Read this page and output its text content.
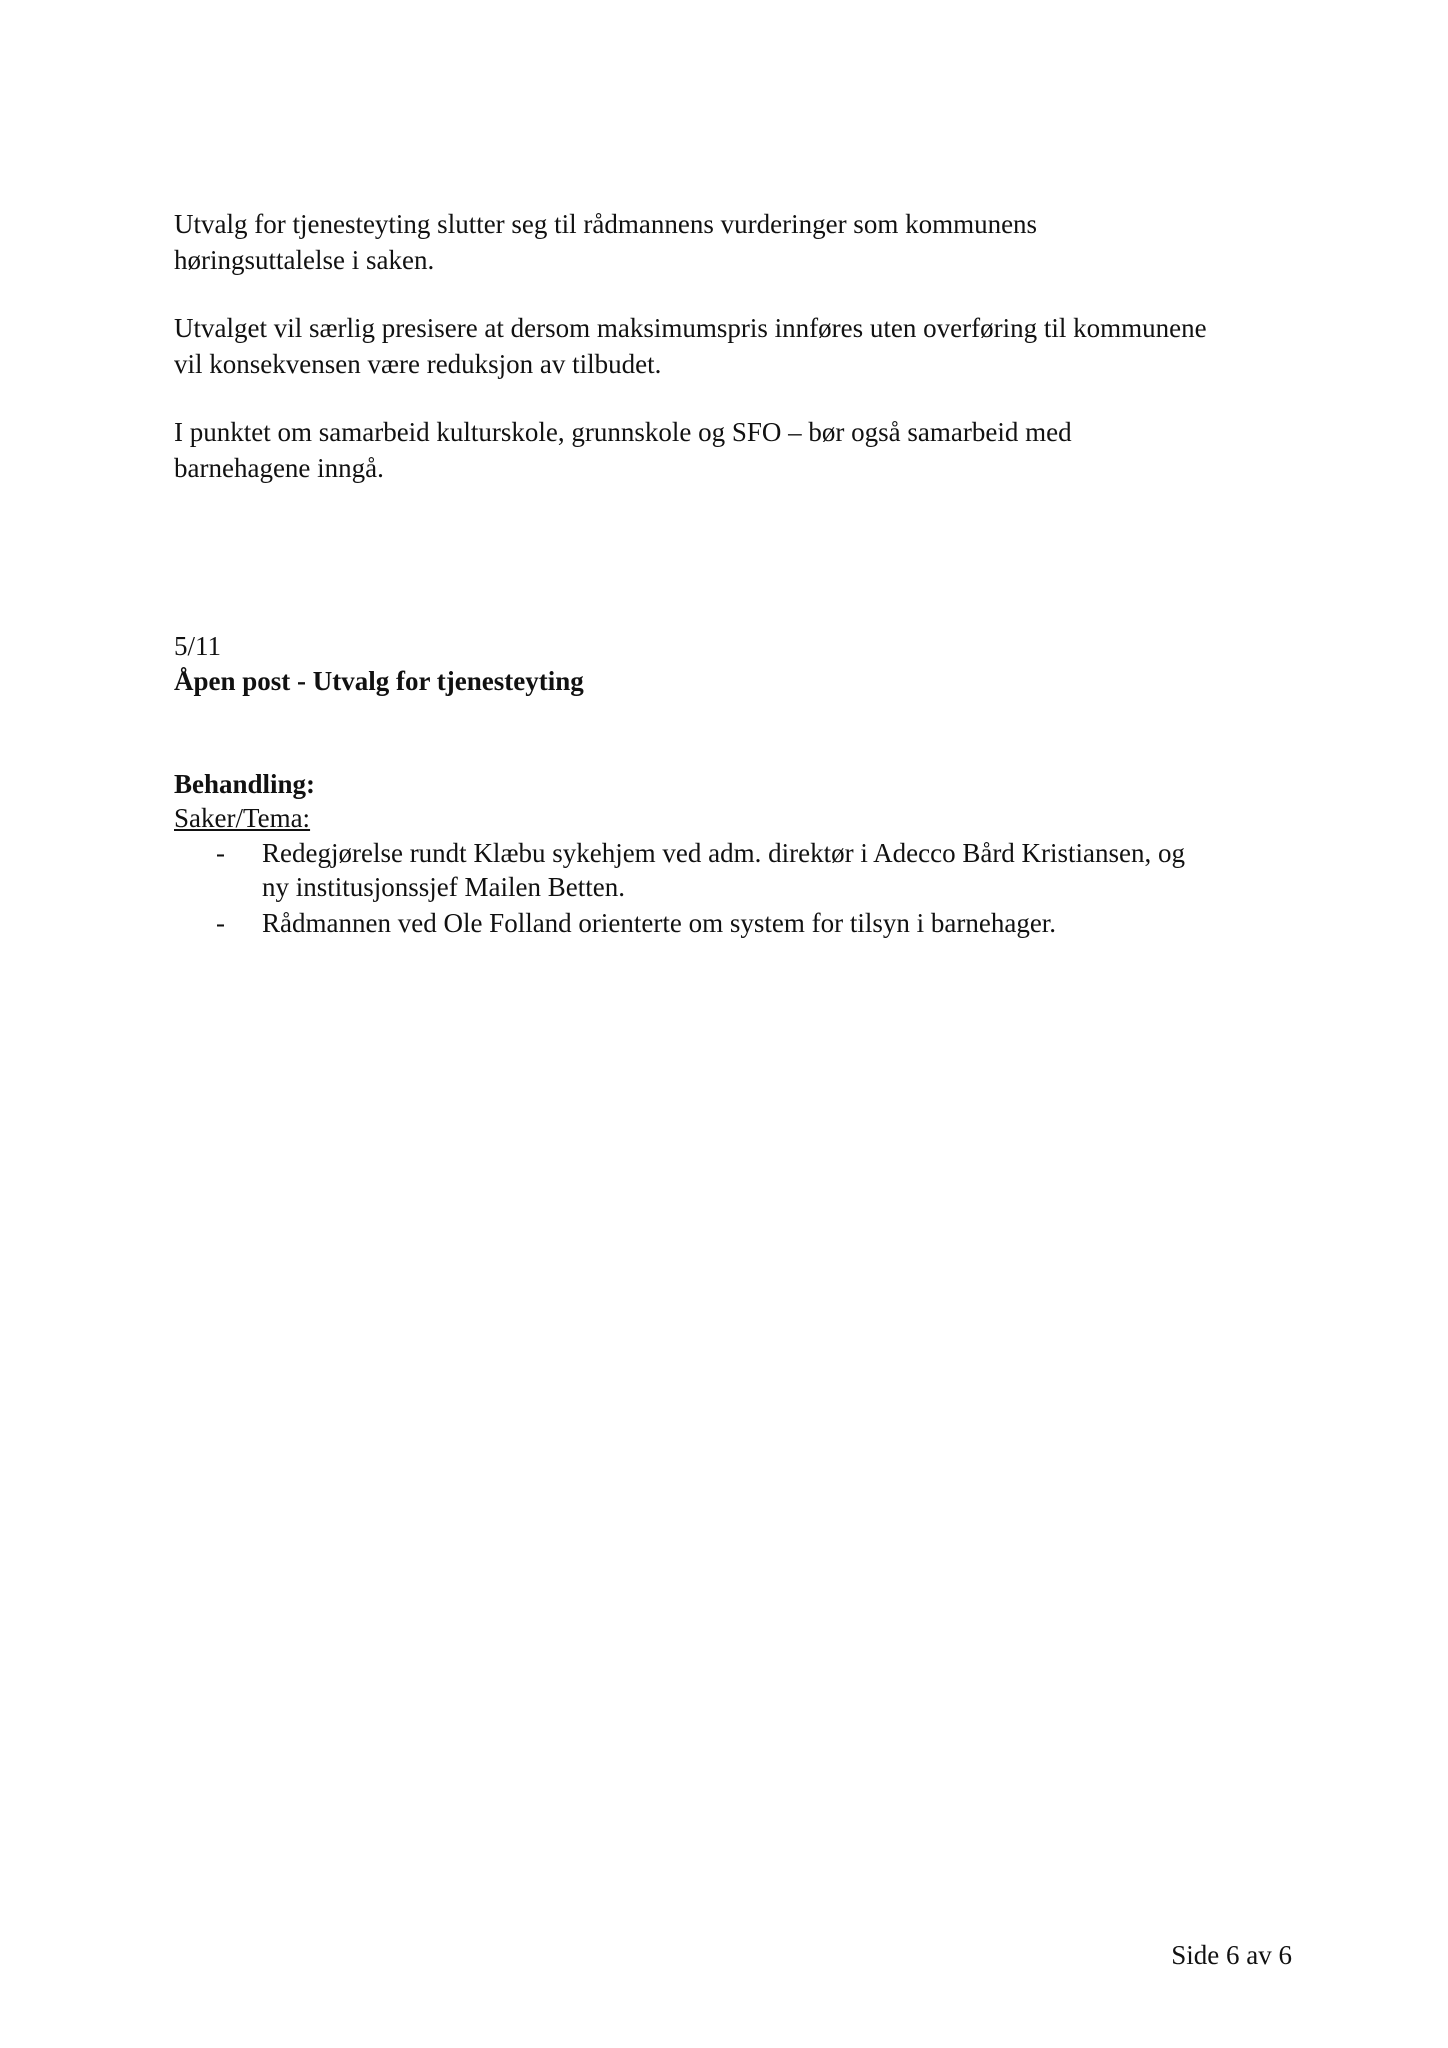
Utvalg for tjenesteyting slutter seg til rådmannens vurderinger som kommunens

høringsuttalelse i saken.

Utvalget vil særlig presisere at dersom maksimumspris innføres uten overføring til kommunene

vil konsekvensen være reduksjon av tilbudet.

I punktet om samarbeid kulturskole, grunnskole og SFO – bør også samarbeid med

barnehagene inngå.

5/11

Åpen post - Utvalg for tjenesteyting

Behandling:

Saker/Tema:

- Redegjørelse rundt Klæbu sykehjem ved adm. direktør i Adecco Bård Kristiansen, og
ny institusjonssjef Mailen Betten.
- Rådmannen ved Ole Folland orienterte om system for tilsyn i barnehager.

Side 6 av 6
